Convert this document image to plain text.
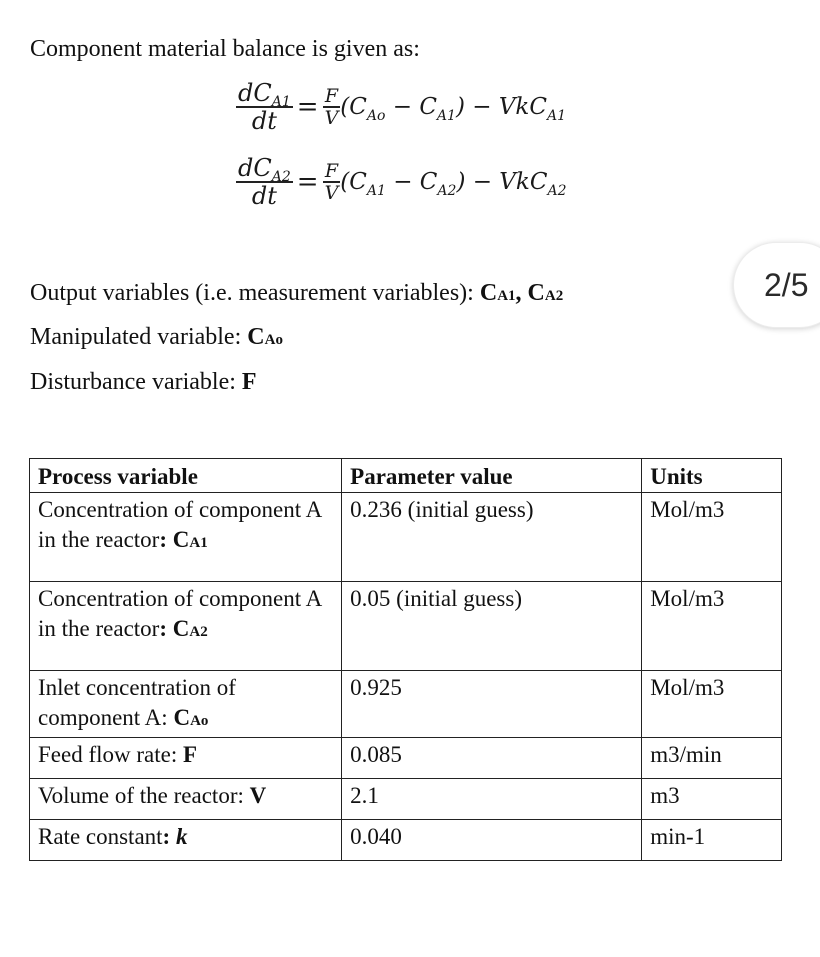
Component material balance is given as:

$\frac{dC_{A1}}{dt} = \frac{F}{V} (C_{Ao} - C_{A1}) - VkC_{A1}$
$\frac{dC_{A2}}{dt} = \frac{F}{V} (C_{A1} - C_{A2}) - VkC_{A2}$

Output variables (i.e. measurement variables): CA1, CA2

Manipulated variable: CAo

Disturbance variable: F

2/5
Process variable	Parameter value	Units
Concentration of component A in the reactor: CA1	0.236 (initial guess)	Mol/m3
Concentration of component A in the reactor: CA2	0.05 (initial guess)	Mol/m3
Inlet concentration of component A: CAo	0.925	Mol/m3
Feed flow rate: F	0.085	m3/min
Volume of the reactor: V	2.1	m3
Rate constant: k	0.040	min-1
